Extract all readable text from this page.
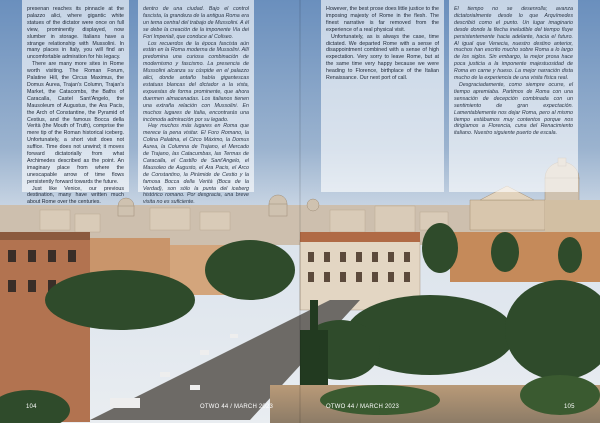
presenan reaches its pinnacle at the palazzo alici, where gigantic white statues of the dictator were once on full view, prominently displayed, now slumber in storage. Italians have a strange relationship with Mussolini. In many places in Italy, you will find an uncomfortable admiration for his legacy.

There are many more sites in Rome worth visiting. The Roman Forum, Palatine Hill, the Circus Maximus, the Domus Aurea, Trajan's Column, Trajan's Market, the Catacombs, the Baths of Caracalla, Castel Sant'Angelo, the Mausoleum of Augustus, the Ara Pacis, the Arch of Constantine, the Pyramid of Cestius, and the famous Bocca della Verità (the Mouth of Truth), comprise the mere tip of the Roman historical iceberg. Unfortunately, a short visit does not suffice. Time does not unwind; it moves forward dictatorially from what Archimedes described as the point. An imaginary place from where the unescapable arrow of time flows persistently forward towards the future.

Just like Venice, our previous destination, many have written much about Rome over the centuries.

dentro de una ciudad. Bajo el control fascista, la grandeza de la antigua Roma era un tema central del trabajo de Mussolini. A él se debe la creación de la imponente Via dei Fori Imperiali, que conduce al Coliseo.

Los recuerdos de la época fascista aún están en la Roma moderna de Mussolini. Allí predomina una curiosa combinación de modernismo y fascismo. La presencia de Mussolini alcanza su cúspide en el palazzo alici, donde antaño había gigantescas estatuas blancas del dictador a la vista, expuestas de forma prominente, que ahora duermen almacenadas. Los italianos tienen una extraña relación con Mussolini. En muchos lugares de Italia, encontrarás una incómoda admiración por su legado.

Hay muchos más lugares en Roma que merece la pena visitar. El Foro Romano, la Colina Palatina, el Circo Máximo, la Domus Aurea, la Columna de Trajano, el Mercado de Trajano, las Catacumbas, las Termas de Caracalla, el Castillo de Sant'Angelo, el Mausoleo de Augusto, el Ara Pacis, el Arco de Constantino, la Pirámide de Cestio y la famosa Bocca della Verità (Boca de la Verdad), son sólo la punta del iceberg histórico romano. Por desgracia, una breve visita no es suficiente.

However, the best prose does little justice to the imposing majesty of Rome in the flesh. The finest narrative is far removed from the experience of a real physical visit.

Unfortunately, as is always the case, time dictated. We departed Rome with a sense of disappointment combined with a sense of high expectation. Very sorry to leave Rome, but at the same time very happy because we were heading to Florence, birthplace of the Italian Renaissance. Our next port of call.

El tiempo no se desenrolla; avanza dictatorialmente desde lo que Arquímedes describió como el punto. Un lugar imaginario desde donde la flecha ineludible del tiempo fluye persistentemente hacia adelante, hacia el futuro. Al igual que Venecia, nuestro destino anterior, muchos han escrito mucho sobre Roma a lo largo de los siglos. Sin embargo, la mejor prosa hace poca justicia a la imponente majestuosidad de Roma en carne y hueso. La mejor narración dista mucho de la experiencia de una visita física real.

Desgraciadamente, como siempre ocurre, el tiempo apremiaba. Partimos de Roma con una sensación de decepción combinada con un sentimiento de gran expectación. Lamentablemente nos dejar Roma, pero al mismo tiempo estábamos muy contentos porque nos dirigíamos a Florencia, cuna del Renacimiento italiano. Nuestro siguiente puerto de escala.

104	OTWO 44 / MARCH 2023	OTWO 44 / MARCH 2023	105
